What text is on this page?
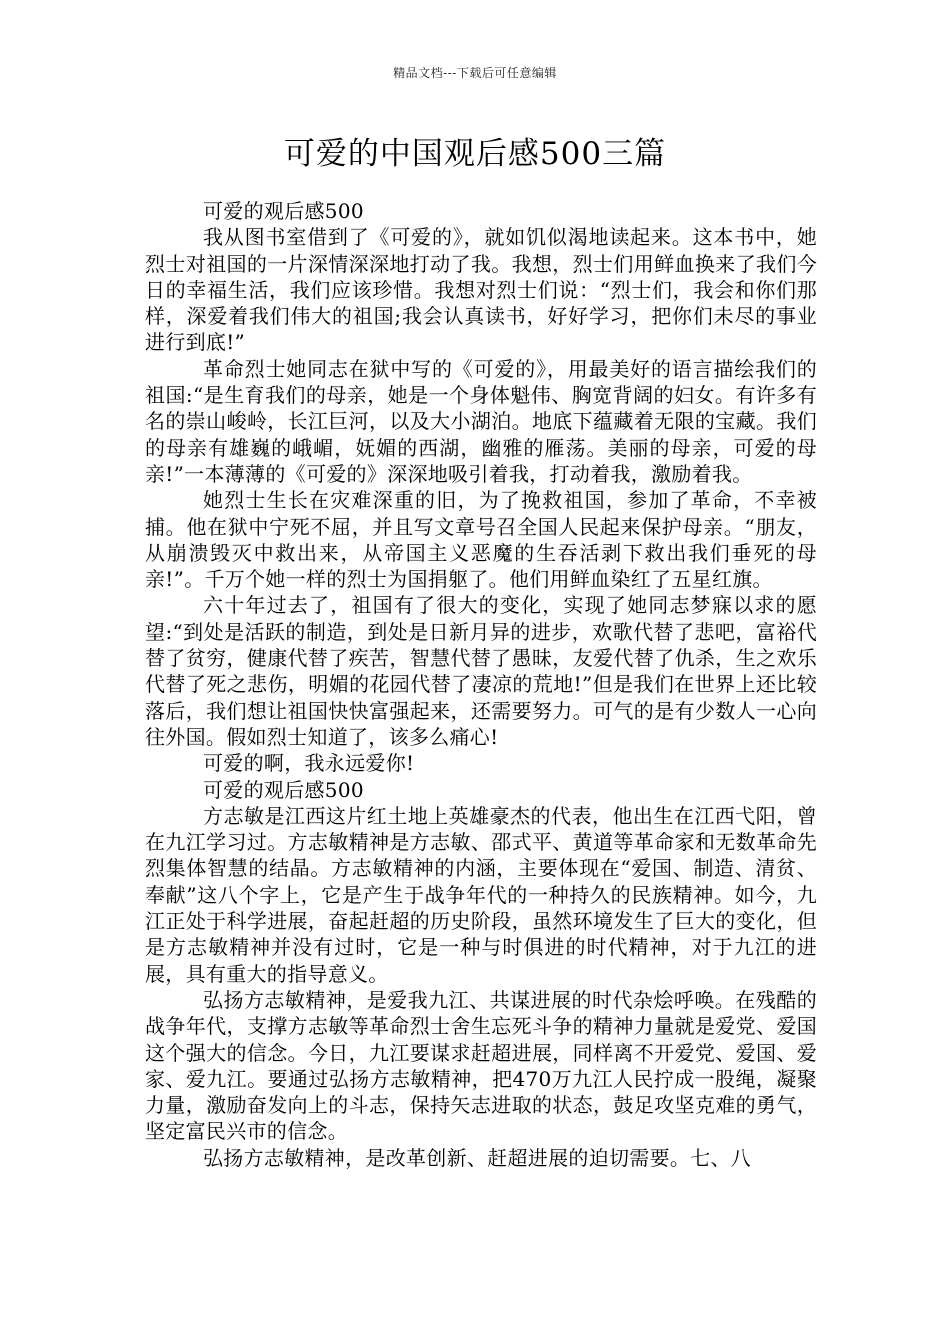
精品文档---下载后可任意编辑
可爱的中国观后感500三篇

可爱的观后感500

我从图书室借到了《可爱的》，就如饥似渴地读起来。这本书中，她烈士对祖国的一片深情深深地打动了我。我想，烈士们用鲜血换来了我们今日的幸福生活，我们应该珍惜。我想对烈士们说：“烈士们，我会和你们那样，深爱着我们伟大的祖国;我会认真读书，好好学习，把你们未尽的事业进行到底!”

革命烈士她同志在狱中写的《可爱的》，用最美好的语言描绘我们的祖国:“是生育我们的母亲，她是一个身体魁伟、胸宽背阔的妇女。有许多有名的崇山峻岭，长江巨河，以及大小湖泊。地底下蕴藏着无限的宝藏。我们的母亲有雄巍的峨嵋，妩媚的西湖，幽雅的雁荡。美丽的母亲，可爱的母亲!”一本薄薄的《可爱的》深深地吸引着我，打动着我，激励着我。

她烈士生长在灾难深重的旧，为了挽救祖国，参加了革命，不幸被捕。他在狱中宁死不屈，并且写文章号召全国人民起来保护母亲。“朋友，从崩溃毁灭中救出来，从帝国主义恶魔的生吞活剥下救出我们垂死的母亲!”。千万个她一样的烈士为国捐躯了。他们用鲜血染红了五星红旗。

六十年过去了，祖国有了很大的变化，实现了她同志梦寐以求的愿望:“到处是活跃的制造，到处是日新月异的进步，欢歌代替了悲吧，富裕代替了贫穷，健康代替了疾苦，智慧代替了愚昧，友爱代替了仇杀，生之欢乐代替了死之悲伤，明媚的花园代替了凄凉的荒地!”但是我们在世界上还比较落后，我们想让祖国快快富强起来，还需要努力。可气的是有少数人一心向往外国。假如烈士知道了，该多么痛心!

可爱的啊，我永远爱你!

可爱的观后感500

方志敏是江西这片红土地上英雄豪杰的代表，他出生在江西弋阳，曾在九江学习过。方志敏精神是方志敏、邵式平、黄道等革命家和无数革命先烈集体智慧的结晶。方志敏精神的内涵，主要体现在“爱国、制造、清贫、奉献”这八个字上，它是产生于战争年代的一种持久的民族精神。如今，九江正处于科学进展，奋起赶超的历史阶段，虽然环境发生了巨大的变化，但是方志敏精神并没有过时，它是一种与时俱进的时代精神，对于九江的进展，具有重大的指导意义。

弘扬方志敏精神，是爱我九江、共谋进展的时代杂烩呼唤。在残酷的战争年代，支撑方志敏等革命烈士舍生忘死斗争的精神力量就是爱党、爱国这个强大的信念。今日，九江要谋求赶超进展，同样离不开爱党、爱国、爱家、爱九江。要通过弘扬方志敏精神，把470万九江人民拧成一股绳，凝聚力量，激励奋发向上的斗志，保持矢志进取的状态，鼓足攻坚克难的勇气，坚定富民兴市的信念。

弘扬方志敏精神，是改革创新、赶超进展的迫切需要。七、八
